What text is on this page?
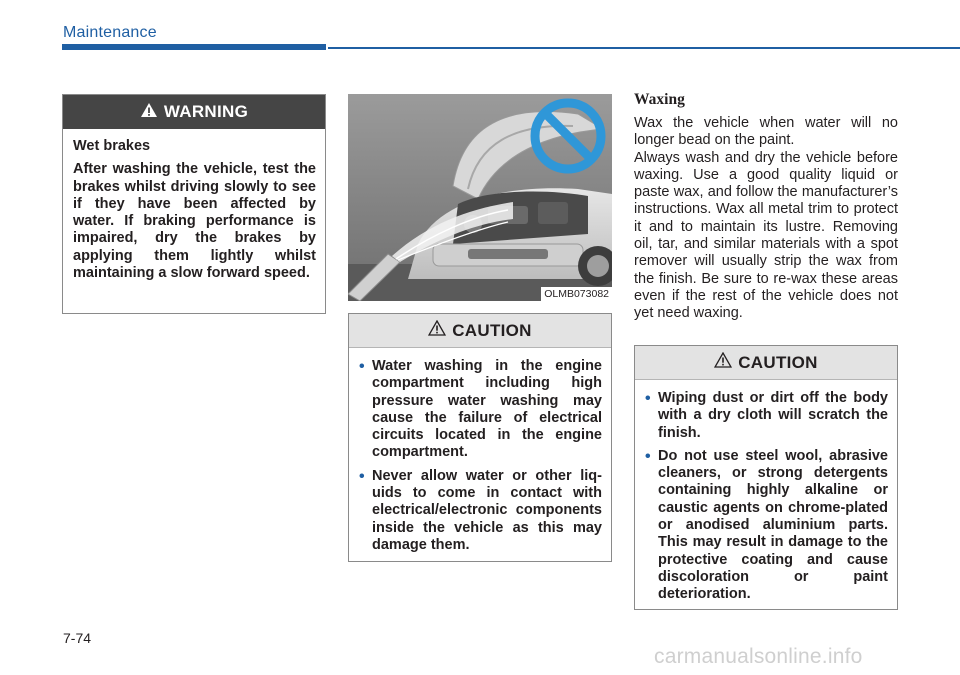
Maintenance
WARNING
Wet brakes
After washing the vehicle, test the brakes whilst driving slowly to see if they have been affected by water. If braking performance is impaired, dry the brakes by applying them lightly whilst maintaining a slow forward speed.
OLMB073082
CAUTION
• Water washing in the engine compartment including high pressure water washing may cause the failure of electrical circuits located in the engine compartment.
• Never allow water or other liquids to come in contact with electrical/electronic components inside the vehicle as this may damage them.
Waxing

Wax the vehicle when water will no longer bead on the paint.

Always wash and dry the vehicle before waxing. Use a good quality liquid or paste wax, and follow the manufacturer’s instructions. Wax all metal trim to protect it and to maintain its lustre. Removing oil, tar, and similar materials with a spot remover will usually strip the wax from the finish. Be sure to re-wax these areas even if the rest of the vehicle does not yet need waxing.

CAUTION
• Wiping dust or dirt off the body with a dry cloth will scratch the finish.
• Do not use steel wool, abrasive cleaners, or strong detergents containing highly alkaline or caustic agents on chrome-plated or anodised aluminium parts. This may result in damage to the protective coating and cause discoloration or paint deterioration.
7-74
carmanualsonline.info
